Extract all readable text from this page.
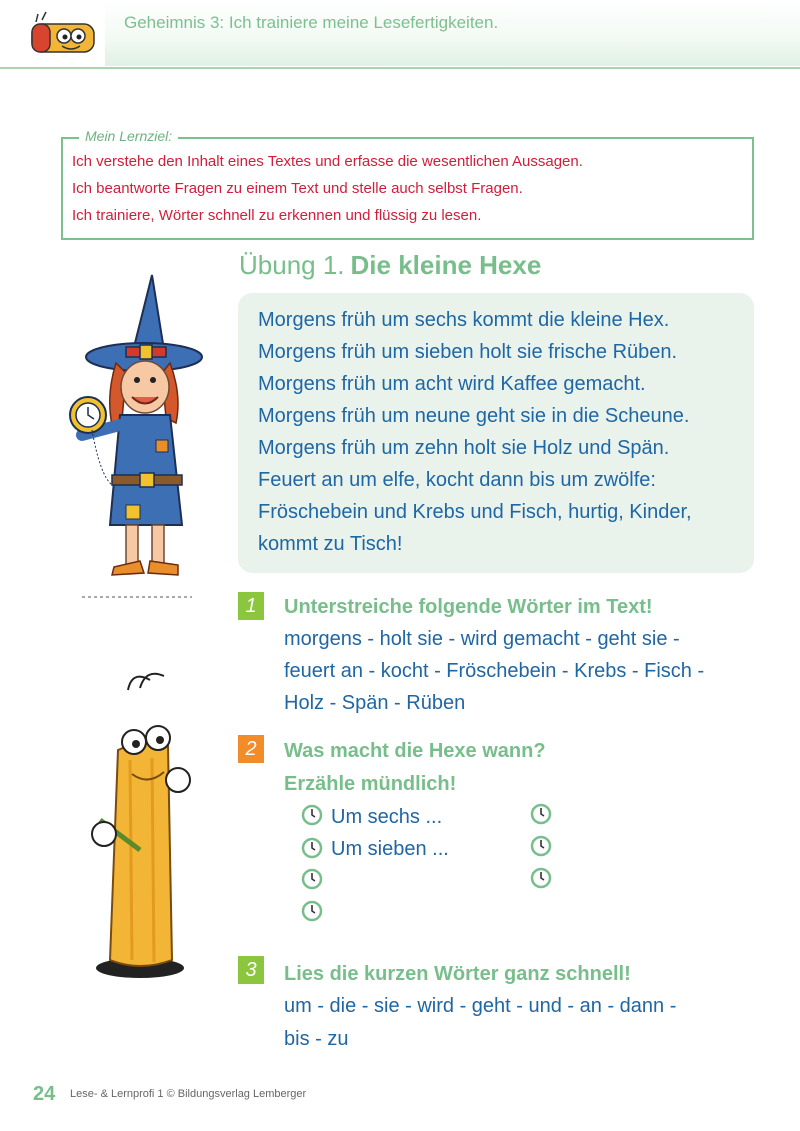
Geheimnis 3: Ich trainiere meine Lesefertigkeiten.
Mein Lernziel:
Ich verstehe den Inhalt eines Textes und erfasse die wesentlichen Aussagen.
Ich beantworte Fragen zu einem Text und stelle auch selbst Fragen.
Ich trainiere, Wörter schnell zu erkennen und flüssig zu lesen.
Übung 1. Die kleine Hexe
Morgens früh um sechs kommt die kleine Hex.
Morgens früh um sieben holt sie frische Rüben.
Morgens früh um acht wird Kaffee gemacht.
Morgens früh um neune geht sie in die Scheune.
Morgens früh um zehn holt sie Holz und Spän.
Feuert an um elfe, kocht dann bis um zwölfe:
Fröschebein und Krebs und Fisch, hurtig, Kinder,
kommt zu Tisch!
1	Unterstreiche folgende Wörter im Text!
morgens - holt sie - wird gemacht - geht sie -
feuert an - kocht - Fröschebein - Krebs - Fisch -
Holz - Spän - Rüben
2	Was macht die Hexe wann?
Erzähle mündlich!
Um sechs ...
Um sieben ...
3	Lies die kurzen Wörter ganz schnell!
um - die - sie - wird - geht - und - an - dann -
bis - zu
24 Lese- & Lernprofi 1 © Bildungsverlag Lemberger
